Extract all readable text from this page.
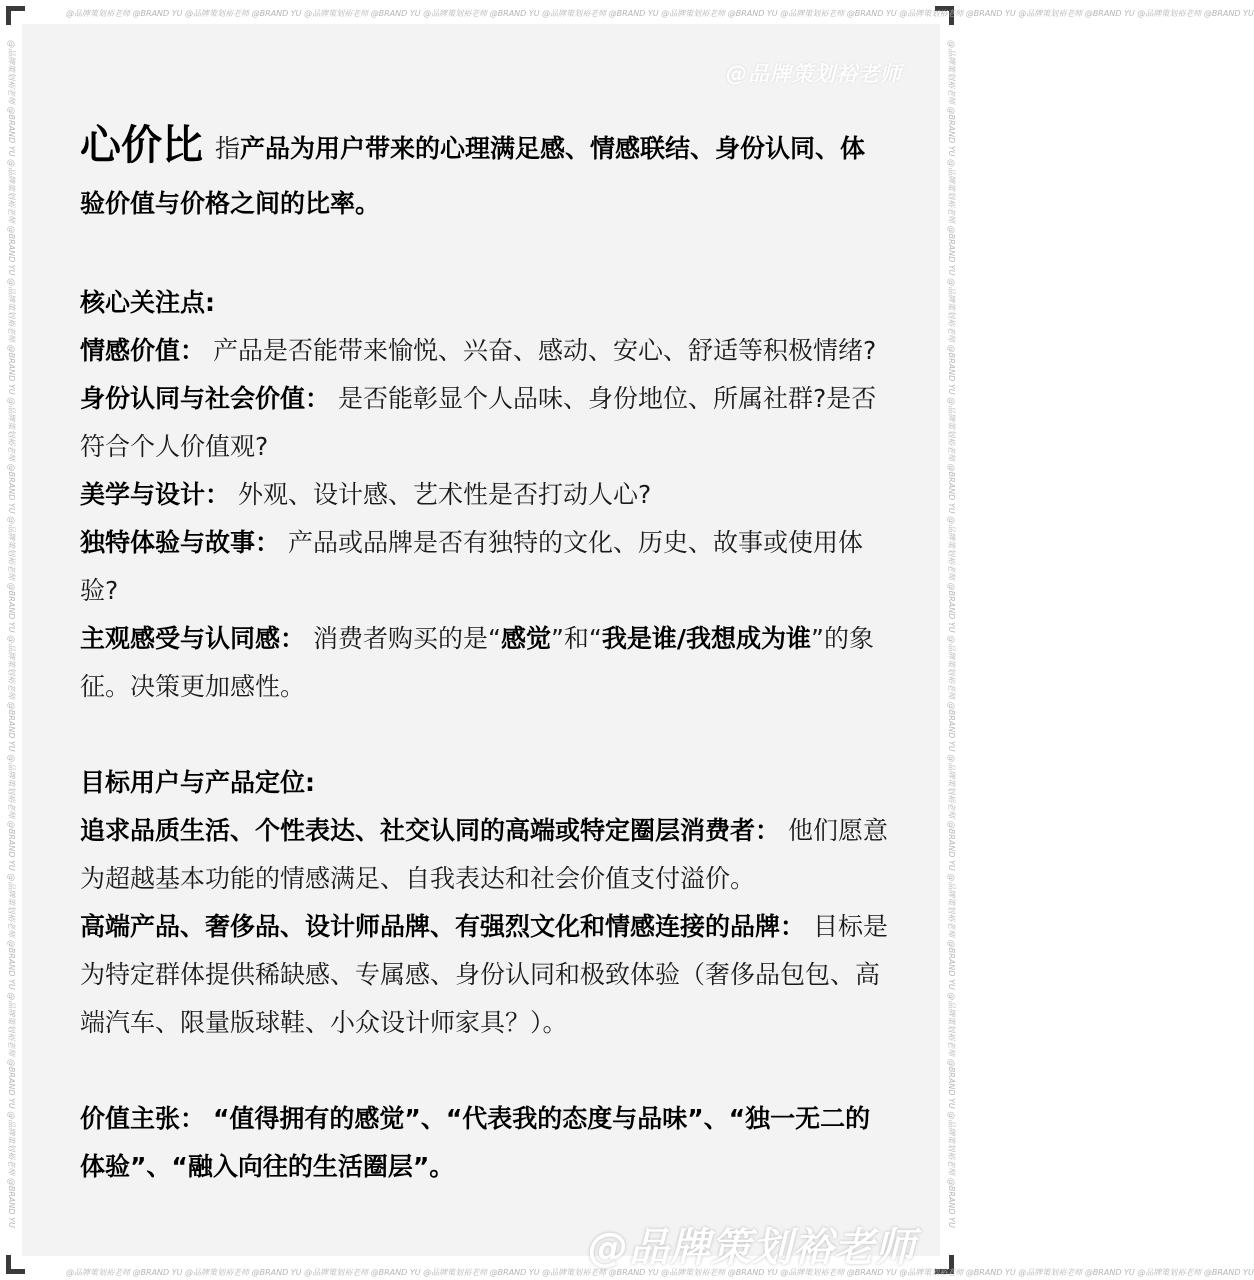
@品牌策划裕老师 @BRAND YU @品牌策划裕老师 @BRAND YU @品牌策划裕老师 @BRAND YU @品牌策划裕老师 @BRAND YU @品牌策划裕老师 @BRAND YU @品牌策划裕老师 @BRAND YU @品牌策划裕老师 @BRAND YU @品牌策划裕老师 @BRAND YU @品牌策划裕老师 @BRAND YU @品牌策划裕老师 @BRAND YU
@品牌策划裕老师 @BRAND YU @品牌策划裕老师 @BRAND YU @品牌策划裕老师 @BRAND YU @品牌策划裕老师 @BRAND YU @品牌策划裕老师 @BRAND YU @品牌策划裕老师 @BRAND YU @品牌策划裕老师 @BRAND YU @品牌策划裕老师 @BRAND YU @品牌策划裕老师 @BRAND YU @品牌策划裕老师 @BRAND YU
@品牌策划裕老师 @BRAND YU @品牌策划裕老师 @BRAND YU @品牌策划裕老师 @BRAND YU @品牌策划裕老师 @BRAND YU @品牌策划裕老师 @BRAND YU @品牌策划裕老师 @BRAND YU @品牌策划裕老师 @BRAND YU @品牌策划裕老师 @BRAND YU @品牌策划裕老师 @BRAND YU @品牌策划裕老师 @BRAND YU	@品牌策划裕老师 @BRAND YU @品牌策划裕老师 @BRAND YU @品牌策划裕老师 @BRAND YU @品牌策划裕老师 @BRAND YU @品牌策划裕老师 @BRAND YU @品牌策划裕老师 @BRAND YU @品牌策划裕老师 @BRAND YU @品牌策划裕老师 @BRAND YU @品牌策划裕老师 @BRAND YU @品牌策划裕老师 @BRAND YU
@品牌策划裕老师
@品牌策划裕老师

心价比 指产品为用户带来的心理满足感、情感联结、身份认同、体验价值与价格之间的比率。

核心关注点:

情感价值： 产品是否能带来愉悦、兴奋、感动、安心、舒适等积极情绪?

身份认同与社会价值： 是否能彰显个人品味、身份地位、所属社群?是否符合个人价值观?

美学与设计： 外观、设计感、艺术性是否打动人心?

独特体验与故事： 产品或品牌是否有独特的文化、历史、故事或使用体验?

主观感受与认同感： 消费者购买的是“感觉”和“我是谁/我想成为谁”的象征。决策更加感性。

目标用户与产品定位:

追求品质生活、个性表达、社交认同的高端或特定圈层消费者： 他们愿意为超越基本功能的情感满足、自我表达和社会价值支付溢价。

高端产品、奢侈品、设计师品牌、有强烈文化和情感连接的品牌： 目标是为特定群体提供稀缺感、专属感、身份认同和极致体验（奢侈品包包、高端汽车、限量版球鞋、小众设计师家具？）。

价值主张： “值得拥有的感觉”、“代表我的态度与品味”、“独一无二的体验”、“融入向往的生活圈层”。
